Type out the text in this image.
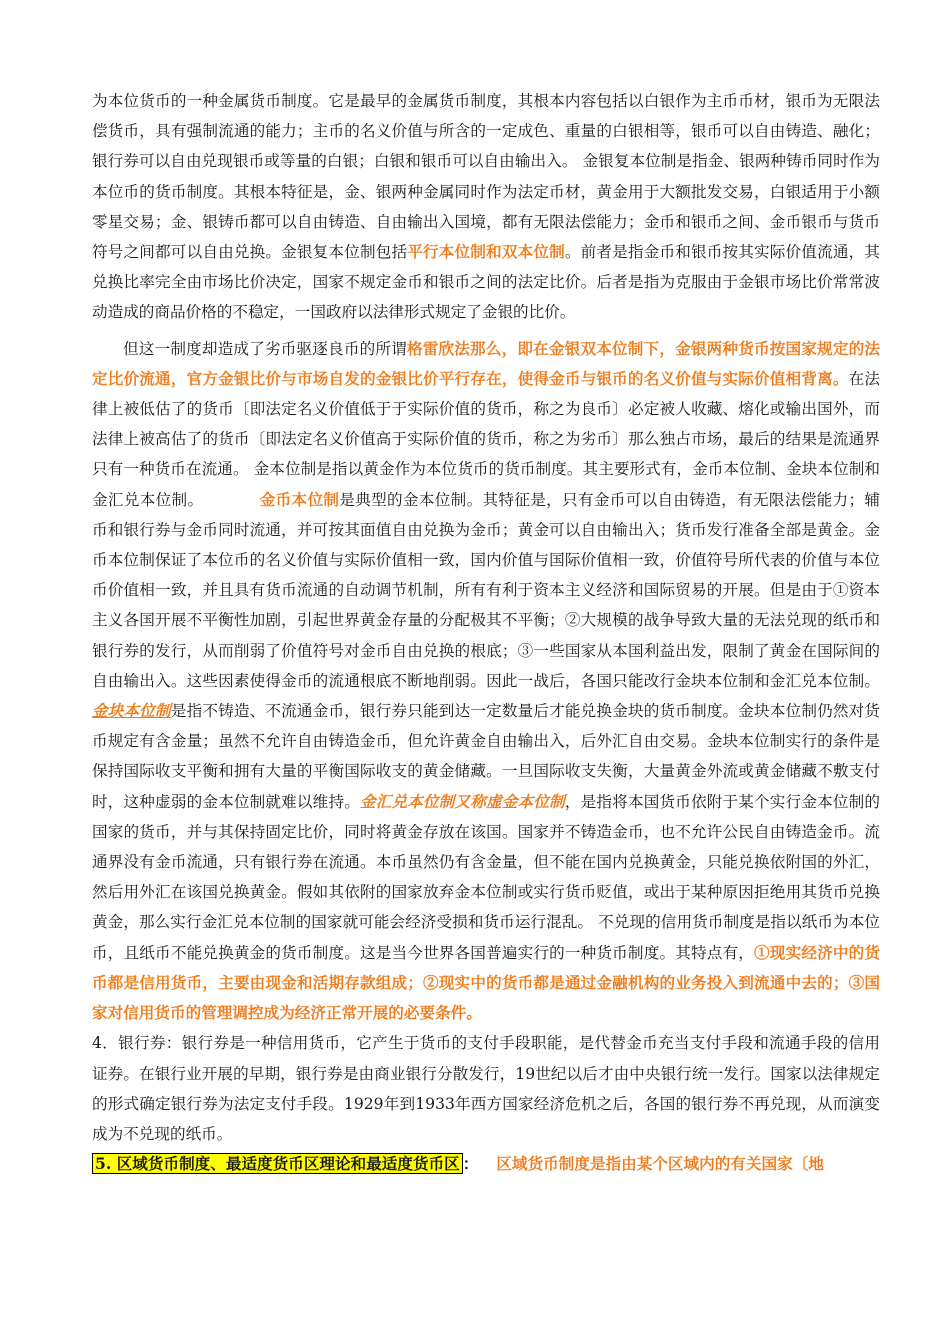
为本位货币的一种金属货币制度。它是最早的金属货币制度，其根本内容包括以白银作为主币币材，银币为无限法偿货币，具有强制流通的能力；主币的名义价值与所含的一定成色、重量的白银相等，银币可以自由铸造、融化；银行券可以自由兑现银币或等量的白银；白银和银币可以自由输出入。 金银复本位制是指金、银两种铸币同时作为本位币的货币制度。其根本特征是，金、银两种金属同时作为法定币材，黄金用于大额批发交易，白银适用于小额零星交易；金、银铸币都可以自由铸造、自由输出入国境，都有无限法偿能力；金币和银币之间、金币银币与货币符号之间都可以自由兑换。金银复本位制包括平行本位制和双本位制。前者是指金币和银币按其实际价值流通，其兑换比率完全由市场比价决定，国家不规定金币和银币之间的法定比价。后者是指为克服由于金银市场比价常常波动造成的商品价格的不稳定，一国政府以法律形式规定了金银的比价。

但这一制度却造成了劣币驱逐良币的所谓格雷欣法那么，即在金银双本位制下，金银两种货币按国家规定的法定比价流通，官方金银比价与市场自发的金银比价平行存在，使得金币与银币的名义价值与实际价值相背离。在法律上被低估了的货币〔即法定名义价值低于于实际价值的货币，称之为良币〕必定被人收藏、熔化或输出国外，而法律上被高估了的货币〔即法定名义价值高于实际价值的货币，称之为劣币〕那么独占市场，最后的结果是流通界只有一种货币在流通。 金本位制是指以黄金作为本位货币的货币制度。其主要形式有，金币本位制、金块本位制和金汇兑本位制。	金币本位制是典型的金本位制。其特征是，只有金币可以自由铸造，有无限法偿能力；辅币和银行券与金币同时流通，并可按其面值自由兑换为金币；黄金可以自由输出入；货币发行准备全部是黄金。金币本位制保证了本位币的名义价值与实际价值相一致，国内价值与国际价值相一致，价值符号所代表的价值与本位币价值相一致，并且具有货币流通的自动调节机制，所有有利于资本主义经济和国际贸易的开展。但是由于①资本主义各国开展不平衡性加剧，引起世界黄金存量的分配极其不平衡；②大规模的战争导致大量的无法兑现的纸币和银行券的发行，从而削弱了价值符号对金币自由兑换的根底；③一些国家从本国利益出发，限制了黄金在国际间的自由输出入。这些因素使得金币的流通根底不断地削弱。因此一战后，各国只能改行金块本位制和金汇兑本位制。 金块本位制是指不铸造、不流通金币，银行券只能到达一定数量后才能兑换金块的货币制度。金块本位制仍然对货币规定有含金量；虽然不允许自由铸造金币，但允许黄金自由输出入，后外汇自由交易。金块本位制实行的条件是保持国际收支平衡和拥有大量的平衡国际收支的黄金储藏。一旦国际收支失衡，大量黄金外流或黄金储藏不敷支付时，这种虚弱的金本位制就难以维持。金汇兑本位制又称虚金本位制，是指将本国货币依附于某个实行金本位制的国家的货币，并与其保持固定比价，同时将黄金存放在该国。国家并不铸造金币，也不允许公民自由铸造金币。流通界没有金币流通，只有银行券在流通。本币虽然仍有含金量，但不能在国内兑换黄金，只能兑换依附国的外汇，然后用外汇在该国兑换黄金。假如其依附的国家放弃金本位制或实行货币贬值，或出于某种原因拒绝用其货币兑换黄金，那么实行金汇兑本位制的国家就可能会经济受损和货币运行混乱。 不兑现的信用货币制度是指以纸币为本位币，且纸币不能兑换黄金的货币制度。这是当今世界各国普遍实行的一种货币制度。其特点有，①现实经济中的货币都是信用货币，主要由现金和活期存款组成；②现实中的货币都是通过金融机构的业务投入到流通中去的；③国家对信用货币的管理调控成为经济正常开展的必要条件。

4．银行券：银行券是一种信用货币，它产生于货币的支付手段职能，是代替金币充当支付手段和流通手段的信用证券。在银行业开展的早期，银行券是由商业银行分散发行，19世纪以后才由中央银行统一发行。国家以法律规定的形式确定银行券为法定支付手段。1929年到1933年西方国家经济危机之后，各国的银行券不再兑现，从而演变成为不兑现的纸币。

5. 区域货币制度、最适度货币区理论和最适度货币区 ： 区域货币制度是指由某个区域内的有关国家〔地
